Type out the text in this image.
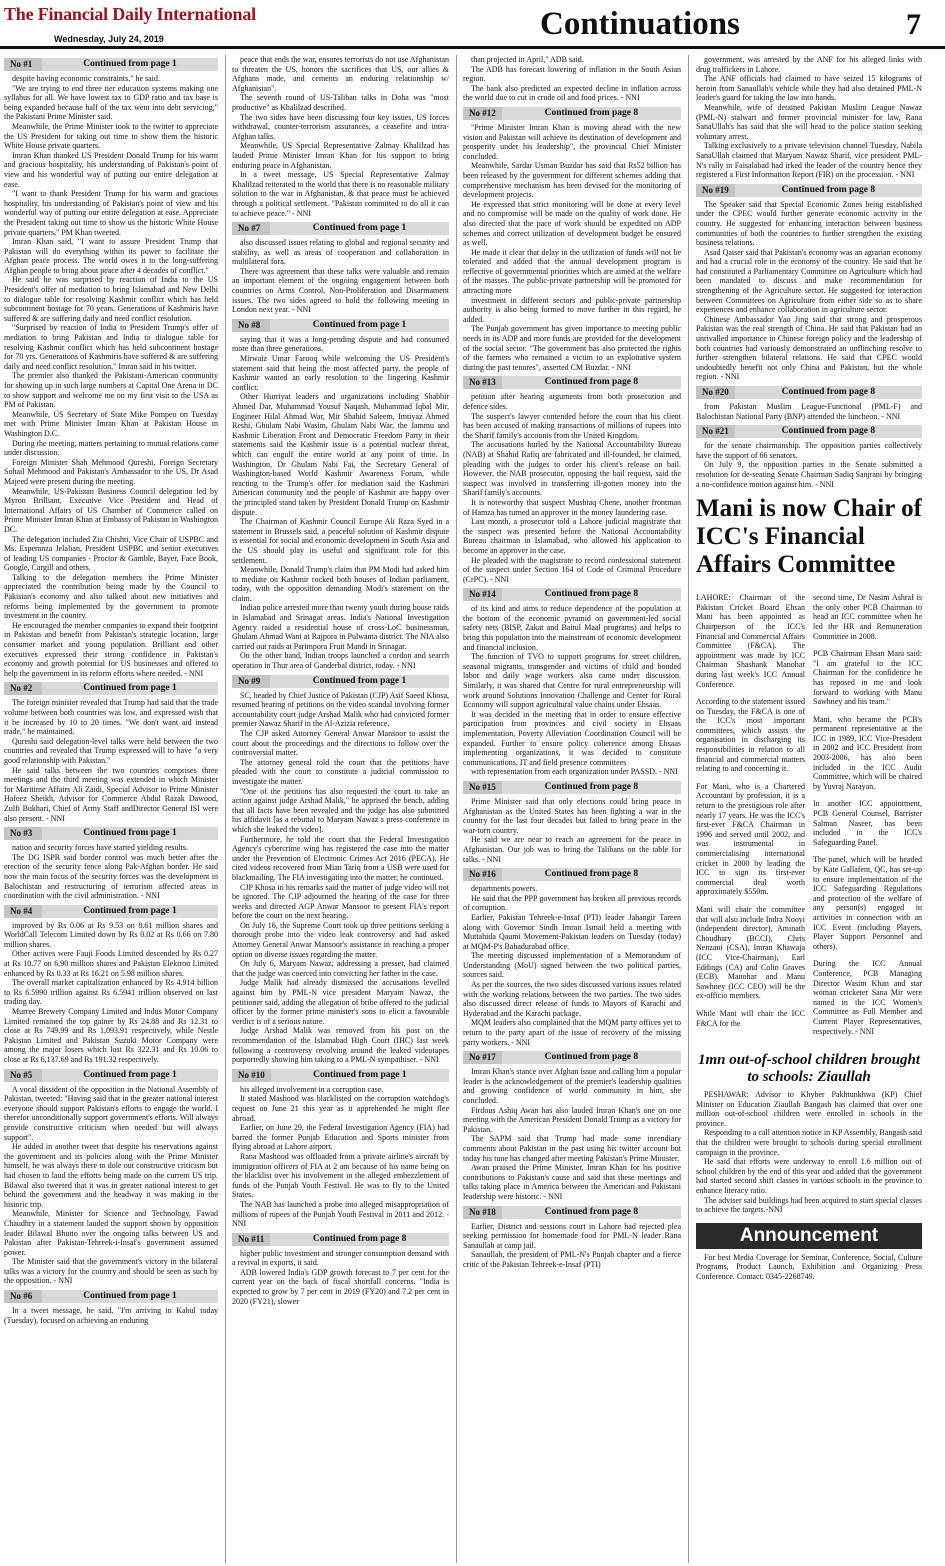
The Financial Daily International
Wednesday, July 24, 2019	Continuations	7
No #1	Continued from page 1

despite having economic constraints," he said.

"We are trying to end three tier education systems making one syllabus for all. We have lowest tax to GDP ratio and tax base is being expanded because half of the tax went into debt servicing," the Pakistani Prime Minister said.

Meanwhile, the Prime Minister took to the twitter to appreciate the US President for taking out time to show them the historic White House private quarters.

Imran Khan thanked US President Donald Trump for his warm and gracious hospitality, his understanding of Pakistan's point of view and his wonderful way of putting our entire delegation at ease.

"I want to thank President Trump for his warm and gracious hospitality, his understanding of Pakistan's point of view and his wonderful way of putting our entire delegation at ease. Appreciate the President taking out time to show us the historic White House private quarters," PM Khan tweeted.

Imran Khan said, "I want to assure President Trump that Pakistan will do everything within its power to facilitate the Afghan peace process. The world owes it to the long-suffering Afghan people to bring about peace after 4 decades of conflict."

He said he was surprised by reaction of India to the US President's offer of mediation to bring Islamabad and New Delhi to dialogue table for resolving Kashmir conflict which has held subcontinent hostage for 70 years. Generations of Kashmiris have suffered & are suffering daily and need conflict resolution.

"Surprised by reaction of India to President Trump's offer of mediation to bring Pakistan and India to dialogue table for resolving Kashmir conflict which has held subcontinent hostage for 70 yrs. Generations of Kashmiris have suffered & are suffering daily and need conflict resolution," Imran said in his twitter.

The premier also thanked the Pakistani-American community for showing up in such large numbers at Capital One Arena in DC to show support and welcome me on my first visit to the USA as PM of Pakistan.

Meanwhile, US Secretary of State Mike Pompeo on Tuesday met with Prime Minister Imran Khan at Pakistan House in Washington D.C.

During the meeting, matters pertaining to mutual relations came under discussion.

Foreign Minister Shah Mehmood Qureshi, Foreign Secretary Sohail Mehmood and Pakistan's Ambassador to the US, Dr Asad Majeed were present during the meeting.

Meanwhile, US-Pakistan Business Council delegation led by Myron Brilliant, Executive Vice President and Head of International Affairs of US Chamber of Commerce called on Prime Minister Imran Khan at Embassy of Pakistan in Washington DC.

The delegation included Zia Chishti, Vice Chair of USPBC and Ms. Esperanza Jelalian, President USPBC and senior executives of leading US companies - Proctor & Gamble, Bayer, Face Book, Google, Cargill and others.

Talking to the delegation members the Prime Minister appreciated the contribution being made by the Council to Pakistan's economy and also talked about new initiatives and reforms being implemented by the government to promote investment in the country.

He encouraged the member companies to expand their footprint in Pakistan and benefit from Pakistan's strategic location, large consumer market and young population. Brilliant and other executives expressed their strong confidence in Pakistan's economy and growth potential for US businesses and offered to help the government in its reform efforts where needed. - NNI

No #2	Continued from page 1

The foreign minister revealed that Trump had said that the trade volume between both countries was low, and expressed wish that it be increased by 10 to 20 times. "We don't want aid instead trade," he maintained.

Qureshi said delegation-level talks were held between the two countries and revealed that Trump expressed will to have "a very good relationship with Pakistan."

He said talks between the two countries comprises three meetings and the third meeting was extended in which Minister for Maritime Affairs Ali Zaidi, Special Advisor to Prime Minister Hafeez Sheikh, Advisor for Commerce Abdul Razak Dawood, Zulfi Bukhari, Chief of Army Staff andDirector General ISI were also present. - NNI

No #3	Continued from page 1

nation and security forces have started yielding results.

The DG ISPR said border control was much better after the erection of the security fence along Pak-Afghan border. He said now the main focus of the security forces was the development in Balochistan and restructuring of terrorism affected areas in coordination with the civil administration. - NNI

No #4	Continued from page 1

improved by Rs 0.06 at Rs 9.53 on 8.61 million shares and WorldCall Telecom Limited down by Rs 0.02 at Rs 0.66 on 7.80 million shares.

Other actives were Fauji Foods Limited descended by Rs 0.27 at Rs 10.77 on 6.90 million shares and Pakistan Elektron Limited enhanced by Rs 0.33 at Rs 16.21 on 5.98 million shares.

The overall market capitalization enhanced by Rs 4.914 billion to Rs 6.5990 trillion against Rs 6.5941 trillion observed on last trading day.

Murree Brewery Company Limited and Indus Motor Company Limited remained the top gainer by Rs 24.88 and Rs 12.31 to close at Rs 749.99 and Rs 1,093.91 respectively, while Nestle Pakistan Limited and Pakistan Suzuki Motor Company were among the major losers which lost Rs 322.31 and Rs 10.06 to close at Rs 6,137.69 and Rs 191.32 respectively.

No #5	Continued from page 1

A vocal dissident of the opposition in the National Assembly of Pakistan, tweeted: "Having said that in the greater national interest everyone should support Pakistan's efforts to engage the world. I therefor unconditionally support government's efforts. Will always provide constructive criticism when needed but will always support".

He added in another tweet that despite his reservations against the government and its policies along with the Prime Minister himself, he was always there to dole out constructive criticism but had chosen to laud the efforts being made on the current US trip. Bilawal also tweeted that it was in greater national interest to get behind the government and the headway it was making in the historic trip.

Meanwhile, Minister for Science and Technology, Fawad Chaudhry in a statement lauded the support shown by opposition leader Bilawal Bhutto over the ongoing talks between US and Pakistan after Pakistan-Tehreek-i-Insaf's government assumed power.

The Minister said that the government's victory in the bilateral talks was a victory for the country and should be seen as such by the opposition. - NNI

No #6	Continued from page 1

In a tweet message, he said, "I'm arriving in Kabul today (Tuesday), focused on achieving an enduring

peace that ends the war, ensures terrorists do not use Afghanistan to threaten the US, honors the sacrifices that US, our allies & Afghans made, and cements an enduring relationship w/ Afghanistan".

The seventh round of US-Taliban talks in Doha was "most productive" as Khalilzad described.

The two sides have been discussing four key issues, US forces withdrawal, counter-terrorism assurances, a ceasefire and intra-Afghan talks.

Meanwhile, US Special Representative Zalmay Khalilzad has lauded Prime Minister Imran Khan for his support to bring enduring peace in Afghanistan.

In a tweet message, US Special Representative Zalmay Khalilzad reiterated to the world that there is no reasonable military solution to the war in Afghanistan, & that peace must be achieved through a political settlement. "Pakistan committed to do all it can to achieve peace." - NNI

No #7	Continued from page 1

also discussed issues relating to global and regional security and stability, as well as areas of cooperation and collaboration in multilateral fora.

There was agreement that these talks were valuable and remain an important element of the ongoing engagement between both countries on Arms Control, Non-Proliferation and Disarmament issues. The two sides agreed to hold the following meeting in London next year. - NNI

No #8	Continued from page 1

saying that it was a long-pending dispute and had consumed more than three generations.

Mirwaiz Umar Farooq while welcoming the US President's statement said that being the most affected party, the people of Kashmir wanted an early resolution to the lingering Kashmir conflict.

Other Hurriyat leaders and organizations including Shabbir Ahmed Dar, Muhammad Yousuf Naqash, Muhammad Iqbal Mir, Engineer Hilal Ahmad War, Mir Shahid Saleem, Imtiyaz Ahmed Reshi, Ghulam Nabi Wasim, Ghulam Nabi War, the Jammu and Kashmir Liberation Front and Democratic Freedom Party in their statements said the Kashmir issue is a potential nuclear threat, which can engulf the entire world at any point of time. In Washington, Dr Ghulam Nabi Fai, the Secretary General of Washington-based World Kashmir Awareness Forum, while reacting to the Trump's offer for mediation said the Kashmiri American community and the people of Kashmir are happy over the principled stand taken by President Donald Trump on Kashmir dispute.

The Chairman of Kashmir Council Europe Ali Raza Syed in a statement in Brussels said, a peaceful solution of Kashmir dispute is essential for social and economic development in South Asia and the US should play its useful and significant role for this settlement.

Meanwhile, Donald Trump's claim that PM Modi had asked him to mediate on Kashmir rocked both houses of Indian parliament, today, with the opposition demanding Modi's statement on the claim.

Indian police arrested more than twenty youth during house raids in Islamabad and Srinagar areas. India's National Investigation Agency raided a residential house of cross-LoC businessman, Ghulam Ahmad Wani at Rajpora in Pulwama district. The NIA also carried out raids at Parimpora Fruit Mandi in Srinagar.

On the other hand, Indian troops launched a cordon and search operation in Thur area of Ganderbal district, today. - NNI

No #9	Continued from page 1

SC, headed by Chief Justice of Pakistan (CJP) Asif Saeed Khosa, resumed hearing of petitions on the video scandal involving former accountability court judge Arshad Malik who had convicted former premier Nawaz Sharif in the Al-Azizia reference.

The CJP asked Attorney General Anwar Mansoor to assist the court about the proceedings and the directions to follow over the controversial matter.

The attorney general told the court that the petitions have pleaded with the court to constitute a judicial commission to investigate the matter.

"One of the petitions has also requested the court to take an action against judge Arshad Malik," he apprised the bench, adding that all facts have been revealed and the judge has also submitted his affidavit [as a rebuttal to Maryam Nawaz s press conference in which she leaked the video].

Furthermore, he told the court that the Federal Investigation Agency's cybercrime wing has registered the case into the matter under the Prevention of Electronic Crimes Act 2016 (PECA). He cited videos recovered from Mian Tariq from a USB were used for blackmailing. The FIA investigating into the matter, he continued.

CJP Khosa in his remarks said the matter of judge video will not be ignored. The CJP adjourned the hearing of the case for three weeks and directed AGP Anwar Mansoor to present FIA's report before the court on the next hearing.

On July 16, the Supreme Court took up three petitions seeking a thorough probe into the video leak controversy and had asked Attorney General Anwar Mansoor's assistance in reaching a proper option on diverse issues regarding the matter.

On July 6, Maryam Nawaz, addressing a presser, had claimed that the judge was coerced into convicting her father in the case.

Judge Malik had already dismissed the accusations levelled against him by PML-N vice president Maryam Nawaz, the petitioner said, adding the allegation of bribe offered to the judicial officer by the former prime minister's sons to elicit a favourable verdict is of a serious nature.

Judge Arshad Malik was removed from his post on the recommendation of the Islamabad High Court (IHC) last week following a controversy revolving around the leaked videotapes purportedly showing him taking to a PML-N sympathiser. - NNI

No #10	Continued from page 1

his alleged involvement in a corruption case.

It stated Mashood was blacklisted on the corruption watchdog's request on June 21 this year as it apprehended he might flee abroad.

Earlier, on June 29, the Federal Investigation Agency (FIA) had barred the former Punjab Education and Sports minister from flying abroad at Lahore airport.

Rana Mashood was offloaded from a private airline's aircraft by immigration officers of FIA at 2 am because of his name being on the blacklist over his involvement in the alleged embezzlement of funds of the Punjab Youth Festival. He was to fly to the United States.

The NAB has launched a probe into alleged misappropriation of millions of rupees of the Punjab Youth Festival in 2011 and 2012. - NNI

No #11	Continued from page 8

higher public investment and stronger consumption demand with a revival in exports, it said.

ADB lowered India's GDP growth forecast to 7 per cent for the current year on the back of fiscal shortfall concerns. "India is expected to grow by 7 per cent in 2019 (FY20) and 7.2 per cent in 2020 (FY21), slower

than projected in April," ADB said.

The ADB has forecast lowering of inflation in the South Asian region.

The bank also predicted an expected decline in inflation across the world due to cut in crude oil and food prices. - NNI

No #12	Continued from page 8

"Prime Minister Imran Khan is moving ahead with the new vision and Pakistan will achieve its destination of development and prosperity under his leadership", the provincial Chief Minister concluded.

Meanwhile, Sardar Usman Buzdar has said that Rs52 billion has been released by the government for different schemes adding that comprehensive mechanism has been devised for the monitoring of development projects.

He expressed that strict monitoring will be done at every level and no compromise will be made on the quality of work done. He also directed that the pace of work should be expedited on ADP schemes and correct utilization of development budget be ensured as well.

He made it clear that delay in the utilization of funds will not be tolerated and added that the annual development program is reflective of governmental priorities which are aimed at the welfare of the masses. The public-private partnership will be promoted for attracting more

investment in different sectors and public-private partnership authority is also being formed to move further in this regard, he added.

The Punjab government has given importance to meeting public needs in its ADP and more funds are provided for the development of the social sector. "The government has also protected the rights of the farmers who remained a victim to an exploitative system during the past tenures", asserted CM Buzdar. - NNI

No #13	Continued from page 8

petition after hearing arguments from both prosecution and defence sides.

The suspect's lawyer contended before the court that his client has been accused of making transactions of millions of rupees into the Sharif family's accounts from the United Kingdom.

The accusations hurled by the National Accountability Bureau (NAB) at Shahid Rafiq are fabricated and ill-founded, he claimed, pleading with the judges to order his client's release on bail. However, the NAB prosecutor, opposing the bail request, said the suspect was involved in transferring ill-gotten money into the Sharif family's accounts.

It is noteworthy that suspect Mushtaq Chene, another frontman of Hamza has turned an approver in the money laundering case.

Last month, a prosecutor told a Lahore judicial magistrate that the suspect was presented before the National Accountability Bureau chairman in Islamabad, who allowed his application to become an approver in the case.

He pleaded with the magistrate to record confessional statement of the suspect under Section 164 of Code of Criminal Procedure (CrPC). - NNI

No #14	Continued from page 8

of its kind and aims to reduce dependence of the population at the bottom of the economic pyramid on government-led social safety nets (BISP, Zakat and Baitul Maal programs) and helps to bring this population into the mainstream of economic development and financial inclusion.

The function of TVO to support programs for street children, seasonal migrants, transgender and victims of child and bonded labor and daily wage workers also came under discussion. Similarly, it was shared that Centre for rural entrepreneurship will work around Solutions Innovation Challenge and Center for Rural Economy will support agricultural value chains under Ehsaas.

It was decided in the meeting that in order to ensure effective participation from provinces and civil society in Ehsaas implementation, Poverty Alleviation Coordination Council will be expanded. Further to ensure policy coherence among Ehsaas implementing organizations, it was decided to constitute communications, IT and field presence committees

with representation from each organization under PASSD. - NNI

No #15	Continued from page 8

Prime Minister said that only elections could bring peace in Afghanistan as the United States has been fighting a war in the country for the last four decades but failed to bring peace in the war-torn country.

He said we are near to reach an agreement for the peace in Afghanistan. Our job was to bring the Talibans on the table for talks. - NNI

No #16	Continued from page 8

departments powers.

He said that the PPP government has broken all previous records of corruption.

Earlier, Pakistan Tehreek-e-Insaf (PTI) leader Jahangir Tareen along with Governor Sindh Imran Ismail held a meeting with Muttahida Qaumi Movement-Pakistan leaders on Tuesday (today) at MQM-P's Bahadurabad office.

The meeting discussed implementation of a Memorandum of Understanding (MoU) signed between the two political parties, sources said.

As per the sources, the two sides discussed various issues related with the working relations between the two parties. The two sides also discussed direct release of funds to Mayors of Karachi and Hyderabad and the Karachi package.

MQM leaders also complained that the MQM party offices yet to return to the party apart of the issue of recovery of the missing party workers. - NNI

No #17	Continued from page 8

Imran Khan's stance over Afghan issue and calling him a popular leader is the acknowledgement of the premier's leadership qualities and growing confidence of world community in him, she concluded.

Firdous Ashiq Awan has also lauded Imran Khan's one on one meeting with the American President Donald Trump as a victory for Pakistan.

The SAPM said that Trump had made some incendiary comments about Pakistan in the past using his twitter account but today his tune has changed after meeting Pakistan's Prime Minister.

Awan praised the Prime Minister, Imran Khan for his positive contributions to Pakistan's cause and said that these meetings and talks taking place in America between the American and Pakistani leadership were historic. - NNI

No #18	Continued from page 8

Earlier, District and sessions court in Lahore had rejected plea seeking permission for homemade food for PML-N leader Rana Sanaullah at camp jail.

Sanaullah, the president of PML-N's Punjab chapter and a fierce critic of the Pakistan Tehreek-e-Insaf (PTI)

government, was arrested by the ANF for his alleged links with drug traffickers in Lahore.

The ANF officials had claimed to have seized 15 kilograms of heroin from Sanaullah's vehicle while they had also detained PML-N leader's guard for taking the law into hands.

Meanwhile, wife of detained Pakistan Muslim League Nawaz (PML-N) stalwart and former provincial minister for law, Rana SanaUllah's has said that she will head to the police station seeking voluntary arrest.

Talking exclusively to a private television channel Tuesday, Nabila SanaUllah claimed that Maryam Nawaz Sharif, vice president PML-N's rally in Faisalabad had irked the leader of the country hence they registered a First Information Report (FIR) on the procession. - NNI

No #19	Continued from page 8

The Speaker said that Special Economic Zones being established under the CPEC would further generate economic activity in the country. He suggested for enhancing interaction between business communities of both the countries to further strengthen the existing business relations.

Asad Qaiser said that Pakistan's economy was an agrarian economy and had a crucial role in the economy of the country. He said that he had constituted a Parliamentary Committee on Agriculture which had been mandated to discuss and make recommendation for strengthening of the Agriculture sector. He suggested for interaction between Committees on Agriculture from either side so as to share experiences and enhance collaboration in agriculture sector.

Chinese Ambassador Yao Jing said that strong and prosperous Pakistan was the real strength of China. He said that Pakistan had an unrivalled importance in Chinese foreign policy and the leadership of both countries had variously demonstrated an unflinching resolve to further strengthen bilateral relations. He said that CPEC would undoubtedly benefit not only China and Pakistan, but the whole region. - NNI

No #20	Continued from page 8

from Pakistan Muslim League-Functional (PML-F) and Balochistan National Party (BNP) attended the luncheon. - NNI

No #21	Continued from page 8

for the senate chairmanship. The opposition parties collectively have the support of 66 senators.

On July 9, the opposition parties in the Senate submitted a resolution for de-seating Senate Chairman Sadiq Sanjrani by bringing a no-confidence motion against him. - NNI

Mani is now Chair of ICC's Financial Affairs Committee

LAHORE: Chairman of the Pakistan Cricket Board Ehsan Mani has been appointed as Chairperson of the ICC's Financial and Commercial Affairs Committee (F&CA). The appointment was made by ICC Chairman Shashank Manohar during last week's ICC Annual Conference.

According to the statement issued on Tuesday, the F&CA is one of the ICC's most important committees, which assists the organisation in discharging its responsibilities in relation to all financial and commercial matters relating to and concerning it.

For Mani, who is a Chartered Accountant by profession, it is a return to the prestigious role after nearly 17 years. He was the ICC's first-ever F&CA Chairman in 1996 and served until 2002, and was instrumental in commercialising international cricket in 2000 by leading the ICC to sign its first-ever commercial deal worth approximately $550m.

Mani will chair the committee that will also include Indra Nooyi (independent director), Aminath Choudhary (BCCI), Chris Nenzani (CSA), Imran Khawaja (ICC Vice-Chairman), Earl Eddings (CA) and Colin Graves (ECB). Manohar and Manu Sawhney (ICC CEO) will be the ex-officio members.

While Mani will chair the ICC F&CA for the

second time, Dr Nasim Ashraf is the only other PCB Chairman to head an ICC committee when he led the HR and Remuneration Committee in 2008.

PCB Chairman Ehsan Mani said: "I am grateful to the ICC Chairman for the confidence he has reposed in me and look forward to working with Manu Sawhney and his team."

Mani, who became the PCB's permanent representative at the ICC in 1989, ICC Vice-President in 2002 and ICC President from 2003-2006, has also been included in the ICC Audit Committee, which will be chaired by Yuvraj Narayan.

In another ICC appointment, PCB General Counsel, Barrister Salman Naseer, has been included in the ICC's Safeguarding Panel.

The panel, which will be headed by Kate Gallafent, QC, has set-up to ensure implementation of the ICC Safeguarding Regulations and protection of the welfare of any person(s) engaged in activities in connection with an ICC Event (including Players, Player Support Personnel and others).

During the ICC Annual Conference, PCB Managing Director Wasim Khan and star woman cricketer Sana Mir were named in the ICC Women's Committee as Full Member and Current Player Representatives, respectively. - NNI

1mn out-of-school children brought to schools: Ziaullah

PESHAWAR: Advisor to Khyber Pakhtunkhwa (KP) Chief Minister on Education Ziaullah Bangash has claimed that over one million out-of-school children were enrolled in schools in the province.

Responding to a call attention notice in KP Assembly, Bangash said that the children were brought to schools during special enrollment campaign in the province.

He said that efforts were underway to enroll 1.6 million out of school children by the end of this year and added that the government had started second shift classes in various schools in the province to enhance literacy ratio.

The adviser said buildings had been acquired to start special classes to achieve the targets.-NNI

Announcement

For best Media Coverage for Seminar, Conference, Social, Culture Programs, Product Launch, Exhibition and Organizing Press Conference. Contact: 0345-2268749.
